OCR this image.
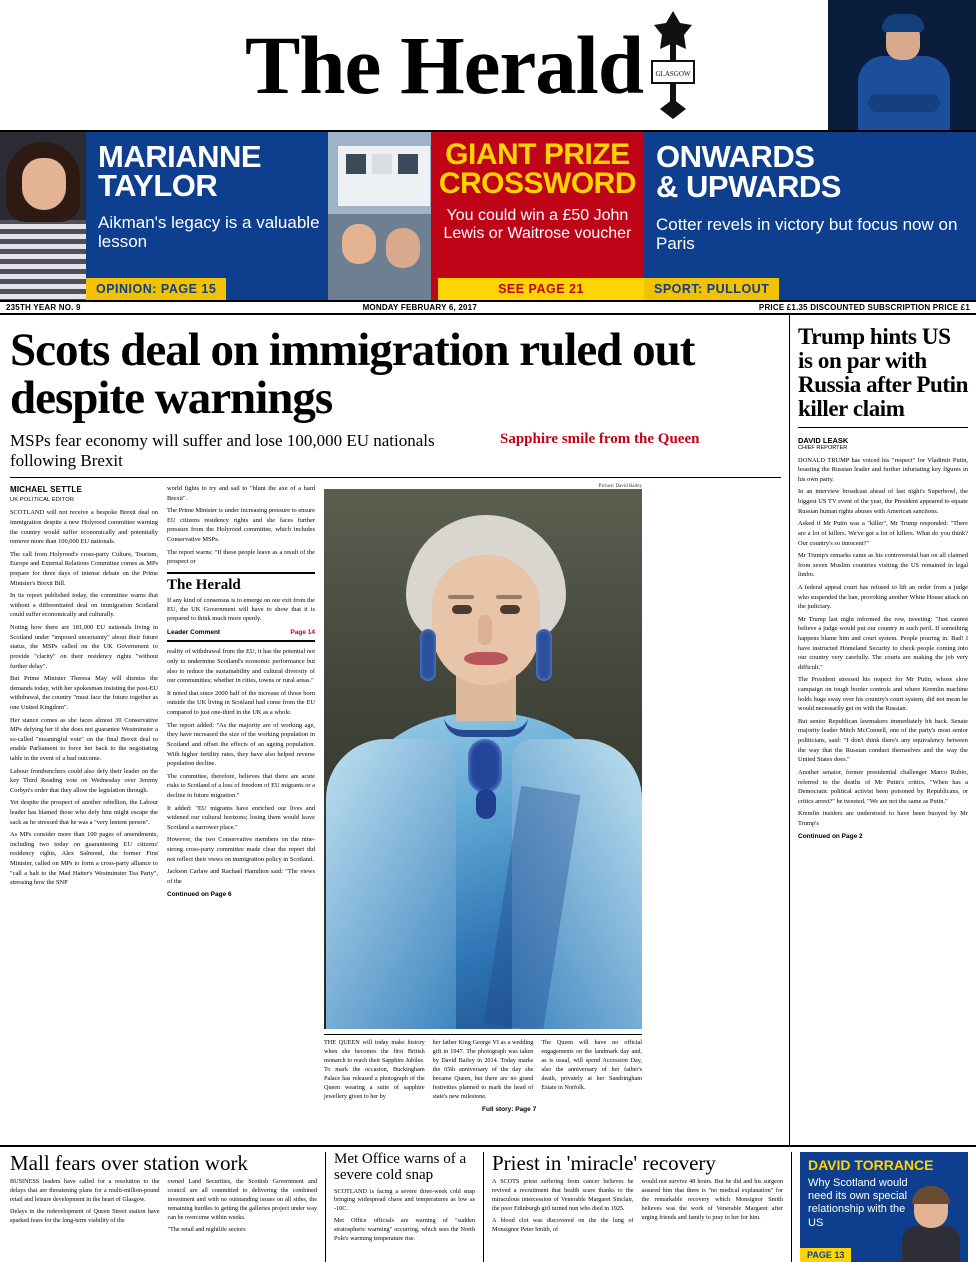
The Herald GLASGOW
MARIANNE
TAYLOR
Aikman's legacy is a valuable lesson
OPINION: PAGE 15
GIANT PRIZE
CROSSWORD
You could win a £50 John Lewis or Waitrose voucher
SEE PAGE 21
ONWARDS
& UPWARDS
Cotter revels in victory but focus now on Paris
SPORT: PULLOUT
235TH YEAR NO. 9	MONDAY FEBRUARY 6, 2017	PRICE £1.35 DISCOUNTED SUBSCRIPTION PRICE £1
Scots deal on immigration ruled out despite warnings
MSPs fear economy will suffer and lose 100,000 EU nationals following Brexit
Sapphire smile from the Queen
MICHAEL SETTLE
UK POLITICAL EDITOR

SCOTLAND will not receive a bespoke Brexit deal on immigration despite a new Holyrood committee warning the country would suffer economically and potentially remove more than 100,000 EU nationals.

The call from Holyrood's cross-party Culture, Tourism, Europe and External Relations Committee comes as MPs prepare for three days of intense debate on the Prime Minister's Brexit Bill.

In its report published today, the committee warns that without a differentiated deal on immigration Scotland could suffer economically and culturally.

Noting how there are 181,000 EU nationals living in Scotland under "imposed uncertainty" about their future status, the MSPs called on the UK Government to provide "clarity" on their residency rights "without further delay".

But Prime Minister Theresa May will dismiss the demands today, with her spokesman insisting the post-EU withdrawal, the country "must face the future together as one United Kingdom".

Her stance comes as she faces almost 30 Conservative MPs defying her if she does not guarantee Westminster a so-called "meaningful vote" on the final Brexit deal to enable Parliament to force her back to the negotiating table in the event of a bad outcome.

Labour frontbenchers could also defy their leader on the key Third Reading vote on Wednesday over Jeremy Corbyn's order that they allow the legislation through.

Yet despite the prospect of another rebellion, the Labour leader has blamed those who defy him might escape the sack as he stressed that he was a "very lenient person".

As MPs consider more than 100 pages of amendments, including two today on guaranteeing EU citizens' residency rights, Alex Salmond, the former First Minister, called on MPs to form a cross-party alliance to "call a halt to the Mad Hatter's Westminster Tea Party", stressing how the SNP

world fights to try and sail to "blunt the axe of a hard Brexit".

The Prime Minister is under increasing pressure to ensure EU citizens residency rights and she faces further pressure from the Holyrood committee, which includes Conservative MSPs.

The report warns: "If these people leave as a result of the prospect or

The Herald
If any kind of consensus is to emerge on our exit from the EU, the UK Government will have to show that it is prepared to think much more openly.
Leader Comment	Page 14

reality of withdrawal from the EU, it has the potential not only to undermine Scotland's economic performance but also to reduce the sustainability and cultural diversity of our communities; whether in cities, towns or rural areas."

It noted that since 2000 half of the increase of those born outside the UK living in Scotland had come from the EU compared to just one-third in the UK as a whole.

The report added: "As the majority are of working age, they have increased the size of the working population in Scotland and offset the effects of an ageing population. With higher fertility rates, they have also helped reverse population decline.

The committee, therefore, believes that there are acute risks to Scotland of a loss of freedom of EU migrants or a decline in future migration."

It added: "EU migrants have enriched our lives and widened our cultural horizons; losing them would leave Scotland a narrower place."

However, the two Conservative members on the nine-strong cross-party committee made clear the report did not reflect their views on immigration policy in Scotland.

Jackson Carlaw and Rachael Hamilton said: "The views of the

Continued on Page 6
Picture: David Bailey
THE QUEEN will today make history when she becomes the first British monarch to reach their Sapphire Jubilee. To mark the occasion, Buckingham Palace has released a photograph of the Queen wearing a suite of sapphire jewellery given to her by
her father King George VI as a wedding gift in 1947. The photograph was taken by David Bailey in 2014. Today marks the 65th anniversary of the day she became Queen, but there are no grand festivities planned to mark the head of state's new milestone.
The Queen will have no official engagements on the landmark day and, as is usual, will spend Accession Day, also the anniversary of her father's death, privately at her Sandringham Estate in Norfolk.
Full story: Page 7
Trump hints US is on par with Russia after Putin killer claim
DAVID LEASK
CHIEF REPORTER

DONALD TRUMP has voiced his "respect" for Vladimir Putin, boasting the Russian leader and further infuriating key figures in his own party.

In an interview broadcast ahead of last night's Superbowl, the biggest US TV event of the year, the President appeared to equate Russian human rights abuses with American sanctions.

Asked if Mr Putin was a "killer", Mr Trump responded: "There are a lot of killers. We've got a lot of killers. What do you think? Our country's so innocent?"

Mr Trump's remarks came as his controversial ban on all claimed from seven Muslim countries visiting the US remained in legal limbo.

A federal appeal court has refused to lift an order from a judge who suspended the ban, provoking another White House attack on the judiciary.

Mr Trump last night informed the row, tweeting: "Just cannot believe a judge would put our country in such peril. If something happens blame him and court system. People pouring in. Bad! I have instructed Homeland Security to check people coming into our country very carefully. The courts are making the job very difficult."

The President stressed his respect for Mr Putin, whose slow campaign on tough border controls and where Kremlin machine holds huge sway over his country's court system, did not mean he would necessarily get on with the Russian.

But senior Republican lawmakers immediately hit back. Senate majority leader Mitch McConnell, one of the party's most senior politicians, said: "I don't think there's any equivalency between the way that the Russian conduct themselves and the way the United States does."

Another senator, former presidential challenger Marco Rubio, referred to the deaths of Mr Putin's critics. "When has a Democratic political activist been poisoned by Republicans, or critics arrest?" he tweeted. "We are not the same as Putin."

Kremlin insiders are understood to have been buoyed by Mr Trump's

Continued on Page 2
Mall fears over station work

BUSINESS leaders have called for a resolution to the delays that are threatening plans for a multi-million-pound retail and leisure development in the heart of Glasgow.

Delays in the redevelopment of Queen Street station have sparked fears for the long-term viability of the

owned Land Securities, the Scottish Government and council are all committed to delivering the combined investment and with no outstanding issues on all sides, the remaining hurdles to getting the galleries project under way can be overcome within weeks.

"The retail and nightlife sectors

Met Office warns of a severe cold snap

SCOTLAND is facing a severe three-week cold snap bringing widespread chaos and temperatures as low as -10C.

Met Office officials are warning of "sudden stratospheric warming" occurring, which sees the North Pole's warming temperature rise.

Priest in 'miracle' recovery

A SCOTS priest suffering from cancer believes he revived a recruitment that health scare thanks to the miraculous intercession of Venerable Margaret Sinclair, the poor Edinburgh girl turned nun who died in 1925.

A blood clot was discovered on the the lung of Monsignor Peter Smith, of

would not survive 48 hours. But he did and his surgeon assured him that there is "no medical explanation" for the remarkable recovery which Monsignor Smith believes was the work of Venerable Margaret after urging friends and family to pray to her for him.

DAVID TORRANCE
Why Scotland would need its own special relationship with the US
PAGE 13
